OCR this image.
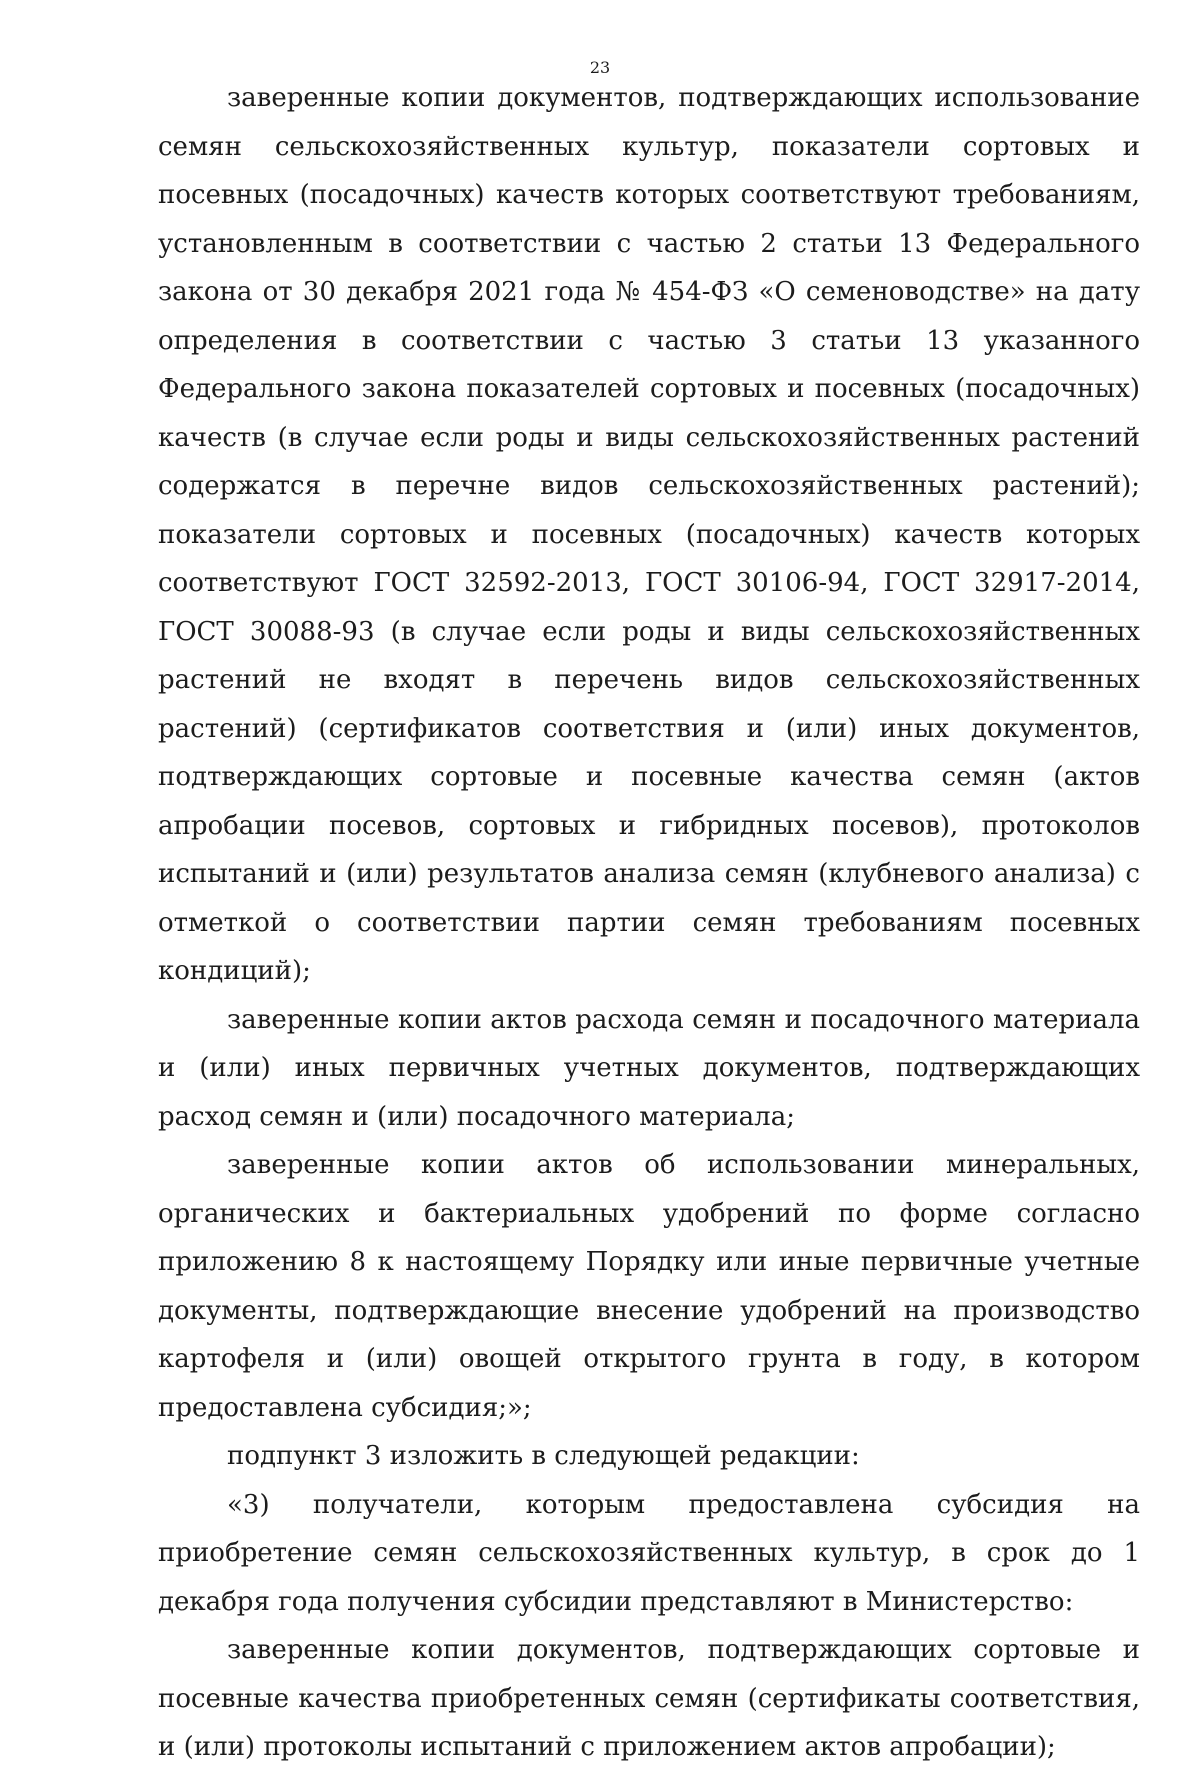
23

заверенные копии документов, подтверждающих использование семян сельскохозяйственных культур, показатели сортовых и посевных (посадочных) качеств которых соответствуют требованиям, установленным в соответствии с частью 2 статьи 13 Федерального закона от 30 декабря 2021 года № 454-ФЗ «О семеноводстве» на дату определения в соответствии с частью 3 статьи 13 указанного Федерального закона показателей сортовых и посевных (посадочных) качеств (в случае если роды и виды сельскохозяйственных растений содержатся в перечне видов сельскохозяйственных растений); показатели сортовых и посевных (посадочных) качеств которых соответствуют ГОСТ 32592-2013, ГОСТ 30106-94, ГОСТ 32917-2014, ГОСТ 30088-93 (в случае если роды и виды сельскохозяйственных растений не входят в перечень видов сельскохозяйственных растений) (сертификатов соответствия и (или) иных документов, подтверждающих сортовые и посевные качества семян (актов апробации посевов, сортовых и гибридных посевов), протоколов испытаний и (или) результатов анализа семян (клубневого анализа) с отметкой о соответствии партии семян требованиям посевных кондиций);

заверенные копии актов расхода семян и посадочного материала и (или) иных первичных учетных документов, подтверждающих расход семян и (или) посадочного материала;

заверенные копии актов об использовании минеральных, органических и бактериальных удобрений по форме согласно приложению 8 к настоящему Порядку или иные первичные учетные документы, подтверждающие внесение удобрений на производство картофеля и (или) овощей открытого грунта в году, в котором предоставлена субсидия;»;

подпункт 3 изложить в следующей редакции:

«3) получатели, которым предоставлена субсидия на приобретение семян сельскохозяйственных культур, в срок до 1 декабря года получения субсидии представляют в Министерство:

заверенные копии документов, подтверждающих сортовые и посевные качества приобретенных семян (сертификаты соответствия, и (или) протоколы испытаний с приложением актов апробации);
